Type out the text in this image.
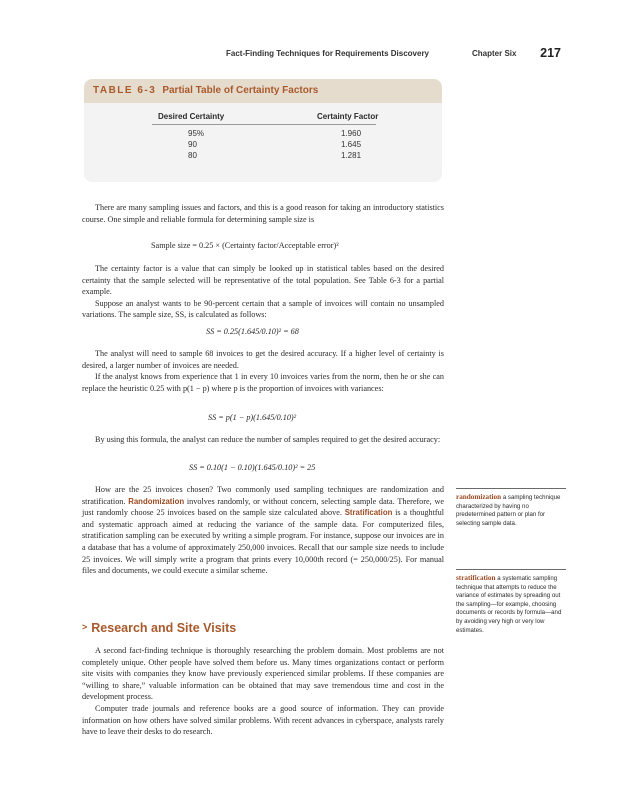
Fact-Finding Techniques for Requirements Discovery	Chapter Six 217
TABLE 6-3 Partial Table of Certainty Factors
Desired Certainty	Certainty Factor
95%
90
80
1.960
1.645
1.281

There are many sampling issues and factors, and this is a good reason for taking an introductory statistics course. One simple and reliable formula for determining sample size is

Sample size = 0.25 × (Certainty factor/Acceptable error)²

The certainty factor is a value that can simply be looked up in statistical tables based on the desired certainty that the sample selected will be representative of the total population. See Table 6-3 for a partial example.

Suppose an analyst wants to be 90-percent certain that a sample of invoices will contain no unsampled variations. The sample size, SS, is calculated as follows:

SS = 0.25(1.645/0.10)² = 68

The analyst will need to sample 68 invoices to get the desired accuracy. If a higher level of certainty is desired, a larger number of invoices are needed.

If the analyst knows from experience that 1 in every 10 invoices varies from the norm, then he or she can replace the heuristic 0.25 with p(1 − p) where p is the proportion of invoices with variances:

SS = p(1 − p)(1.645/0.10)²

By using this formula, the analyst can reduce the number of samples required to get the desired accuracy:

SS = 0.10(1 − 0.10)(1.645/0.10)² = 25

How are the 25 invoices chosen? Two commonly used sampling techniques are randomization and stratification. Randomization involves randomly, or without concern, selecting sample data. Therefore, we just randomly choose 25 invoices based on the sample size calculated above. Stratification is a thoughtful and systematic approach aimed at reducing the variance of the sample data. For computerized files, stratification sampling can be executed by writing a simple program. For instance, suppose our invoices are in a database that has a volume of approximately 250,000 invoices. Recall that our sample size needs to include 25 invoices. We will simply write a program that prints every 10,000th record (= 250,000/25). For manual files and documents, we could execute a similar scheme.

> Research and Site Visits

A second fact-finding technique is thoroughly researching the problem domain. Most problems are not completely unique. Other people have solved them before us. Many times organizations contact or perform site visits with companies they know have previously experienced similar problems. If these companies are “willing to share,” valuable information can be obtained that may save tremendous time and cost in the development process.

Computer trade journals and reference books are a good source of information. They can provide information on how others have solved similar problems. With recent advances in cyberspace, analysts rarely have to leave their desks to do research.

randomization a sampling technique characterized by having no predetermined pattern or plan for selecting sample data.
stratification a systematic sampling technique that attempts to reduce the variance of estimates by spreading out the sampling—for example, choosing documents or records by formula—and by avoiding very high or very low estimates.
